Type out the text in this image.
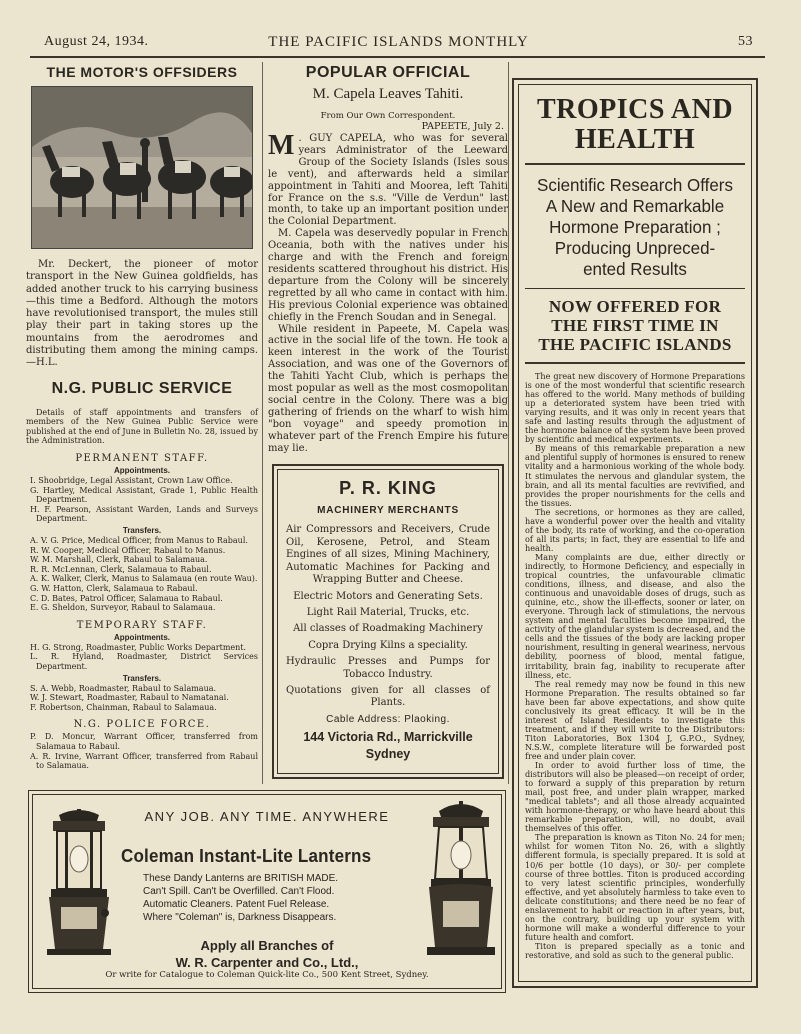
August 24, 1934.	THE PACIFIC ISLANDS MONTHLY	53
THE MOTOR'S OFFSIDERS

Mr. Deckert, the pioneer of motor transport in the New Guinea goldfields, has added another truck to his carrying business—this time a Bedford. Although the motors have revolutionised transport, the mules still play their part in taking stores up the mountains from the aerodromes and distributing them among the mining camps.—H.L.

N.G. PUBLIC SERVICE

Details of staff appointments and transfers of members of the New Guinea Public Service were published at the end of June in Bulletin No. 28, issued by the Administration.

PERMANENT STAFF.
Appointments.
I. Shoobridge, Legal Assistant, Crown Law Office.
G. Hartley, Medical Assistant, Grade 1, Public Health Department.
H. F. Pearson, Assistant Warden, Lands and Surveys Department.
Transfers.
A. V. G. Price, Medical Officer, from Manus to Rabaul.
R. W. Cooper, Medical Officer, Rabaul to Manus.
W. M. Marshall, Clerk, Rabaul to Salamaua.
R. R. McLennan, Clerk, Salamaua to Rabaul.
A. K. Walker, Clerk, Manus to Salamaua (en route Wau).
G. W. Hatton, Clerk, Salamaua to Rabaul.
C. D. Bates, Patrol Officer, Salamaua to Rabaul.
E. G. Sheldon, Surveyor, Rabaul to Salamaua.
TEMPORARY STAFF.
Appointments.
H. G. Strong, Roadmaster, Public Works Department.
L. R. Hyland, Roadmaster, District Services Department.
Transfers.
S. A. Webb, Roadmaster, Rabaul to Salamaua.
W. J. Stewart, Roadmaster, Rabaul to Namatanai.
F. Robertson, Chainman, Rabaul to Salamaua.
N.G. POLICE FORCE.
P. D. Moncur, Warrant Officer, transferred from Salamaua to Rabaul.
A. R. Irvine, Warrant Officer, transferred from Rabaul to Salamaua.
POPULAR OFFICIAL
M. Capela Leaves Tahiti.
From Our Own Correspondent.
PAPEETE, July 2.

M . GUY CAPELA, who was for several years Administrator of the Leeward Group of the Society Islands (Isles sous le vent), and afterwards held a similar appointment in Tahiti and Moorea, left Tahiti for France on the s.s. "Ville de Verdun" last month, to take up an important position under the Colonial Department.

M. Capela was deservedly popular in French Oceania, both with the natives under his charge and with the French and foreign residents scattered throughout his district. His departure from the Colony will be sincerely regretted by all who came in contact with him. His previous Colonial experience was obtained chiefly in the French Soudan and in Senegal.

While resident in Papeete, M. Capela was active in the social life of the town. He took a keen interest in the work of the Tourist Association, and was one of the Governors of the Tahiti Yacht Club, which is perhaps the most popular as well as the most cosmopolitan social centre in the Colony. There was a big gathering of friends on the wharf to wish him "bon voyage" and speedy promotion in whatever part of the French Empire his future may lie.

P. R. KING
MACHINERY MERCHANTS
Air Compressors and Receivers, Crude Oil, Kerosene, Petrol, and Steam Engines of all sizes, Mining Machinery, Automatic Machines for Packing and Wrapping Butter and Cheese.
Electric Motors and Generating Sets.
Light Rail Material, Trucks, etc.
All classes of Roadmaking Machinery
Copra Drying Kilns a speciality.
Hydraulic Presses and Pumps for Tobacco Industry.
Quotations given for all classes of Plants.
Cable Address: Plaoking.
144 Victoria Rd., Marrickville
Sydney
ANY JOB. ANY TIME. ANYWHERE
Coleman Instant-Lite Lanterns
These Dandy Lanterns are BRITISH MADE.
Can't Spill. Can't be Overfilled. Can't Flood.
Automatic Cleaners. Patent Fuel Release.
Where "Coleman" is, Darkness Disappears.
Apply all Branches of
W. R. Carpenter and Co., Ltd.,
Or write for Catalogue to Coleman Quick-lite Co., 500 Kent Street, Sydney.
TROPICS AND
HEALTH
Scientific Research Offers
A New and Remarkable
Hormone Preparation ;
Producing Unpreced-
ented Results
NOW OFFERED FOR
THE FIRST TIME IN
THE PACIFIC ISLANDS

The great new discovery of Hormone Preparations is one of the most wonderful that scientific research has offered to the world. Many methods of building up a deteriorated system have been tried with varying results, and it was only in recent years that safe and lasting results through the adjustment of the hormone balance of the system have been proved by scientific and medical experiments.

By means of this remarkable preparation a new and plentiful supply of hormones is ensured to renew vitality and a harmonious working of the whole body. It stimulates the nervous and glandular system, the brain, and all its mental faculties are revivified, and provides the proper nourishments for the cells and the tissues.

The secretions, or hormones as they are called, have a wonderful power over the health and vitality of the body, its rate of working, and the co-operation of all its parts; in fact, they are essential to life and health.

Many complaints are due, either directly or indirectly, to Hormone Deficiency, and especially in tropical countries, the unfavourable climatic conditions, illness, and disease, and also the continuous and unavoidable doses of drugs, such as quinine, etc., show the ill-effects, sooner or later, on everyone. Through lack of stimulations, the nervous system and mental faculties become impaired, the activity of the glandular system is decreased, and the cells and the tissues of the body are lacking proper nourishment, resulting in general weariness, nervous debility, poorness of blood, mental fatigue, irritability, brain fag, inability to recuperate after illness, etc.

The real remedy may now be found in this new Hormone Preparation. The results obtained so far have been far above expectations, and show quite conclusively its great efficacy. It will be in the interest of Island Residents to investigate this treatment, and if they will write to the Distributors: Titon Laboratories, Box 1304 J, G.P.O., Sydney, N.S.W., complete literature will be forwarded post free and under plain cover.

In order to avoid further loss of time, the distributors will also be pleased—on receipt of order, to forward a supply of this preparation by return mail, post free, and under plain wrapper, marked "medical tablets"; and all those already acquainted with hormone-therapy, or who have heard about this remarkable preparation, will, no doubt, avail themselves of this offer.

The preparation is known as Titon No. 24 for men; whilst for women Titon No. 26, with a slightly different formula, is specially prepared. It is sold at 10/6 per bottle (10 days), or 30/- per complete course of three bottles. Titon is produced according to very latest scientific principles, wonderfully effective, and yet absolutely harmless to take even to delicate constitutions; and there need be no fear of enslavement to habit or reaction in after years, but, on the contrary, building up your system with hormone will make a wonderful difference to your future health and comfort.

Titon is prepared specially as a tonic and restorative, and sold as such to the general public.
